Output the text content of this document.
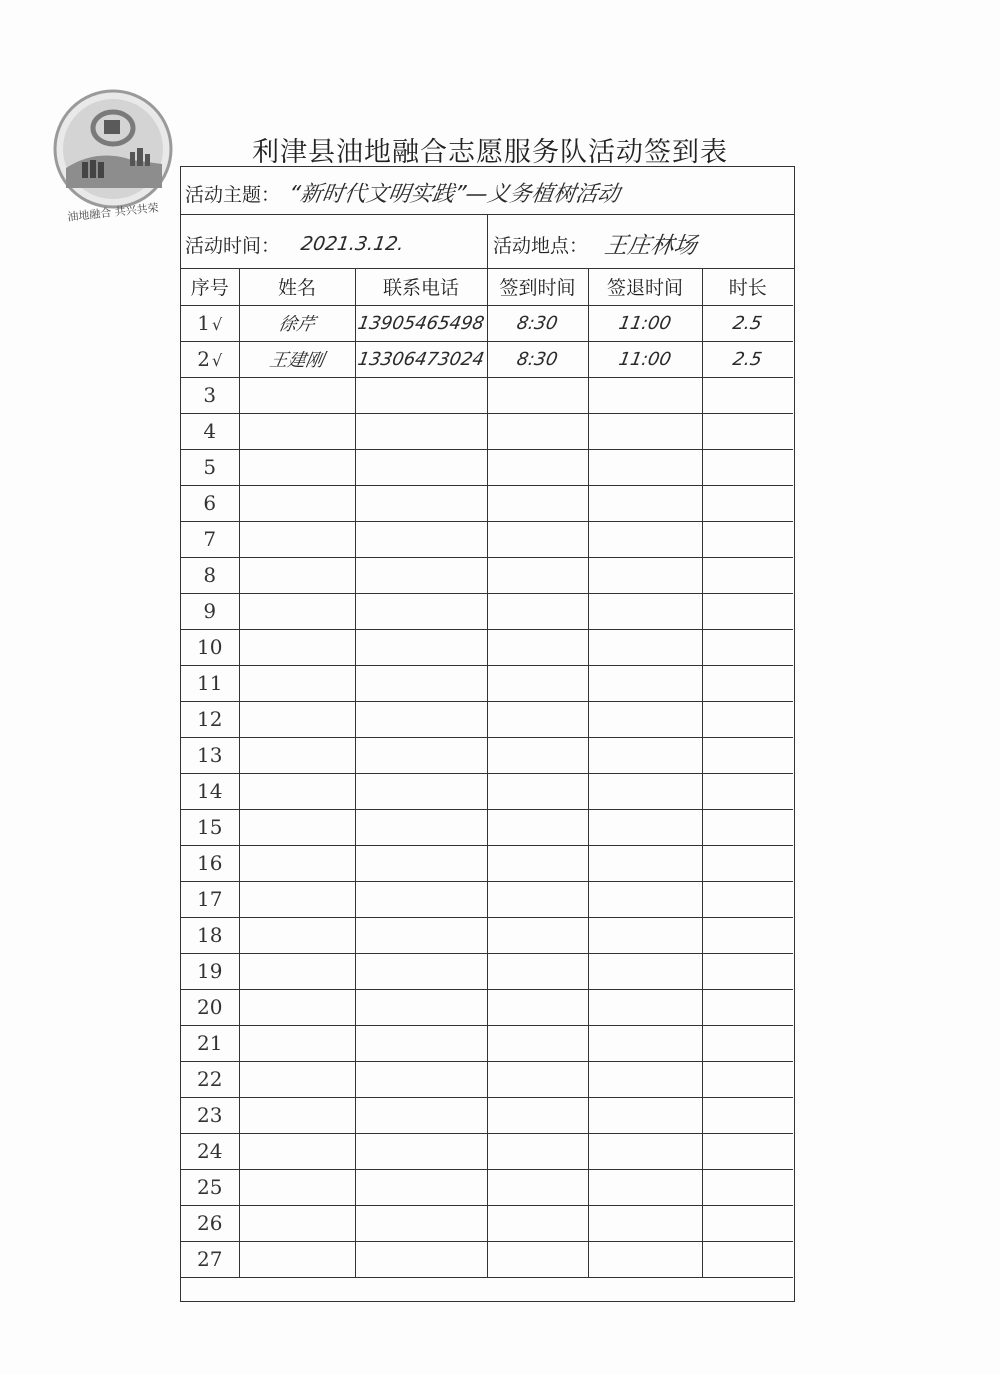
油地融合 共兴共荣
利津县油地融合志愿服务队活动签到表
活动主题： “新时代文明实践”—义务植树活动
活动时间： 2021.3.12.	活动地点： 王庄林场
序号	姓名	联系电话	签到时间	签退时间	时长
1 √	徐芹	13905465498	8:30	11:00	2.5
2 √	王建刚	13306473024	8:30	11:00	2.5
3					
4					
5					
6					
7					
8					
9					
10					
11					
12					
13					
14					
15					
16					
17					
18					
19					
20					
21					
22					
23					
24					
25					
26					
27					
